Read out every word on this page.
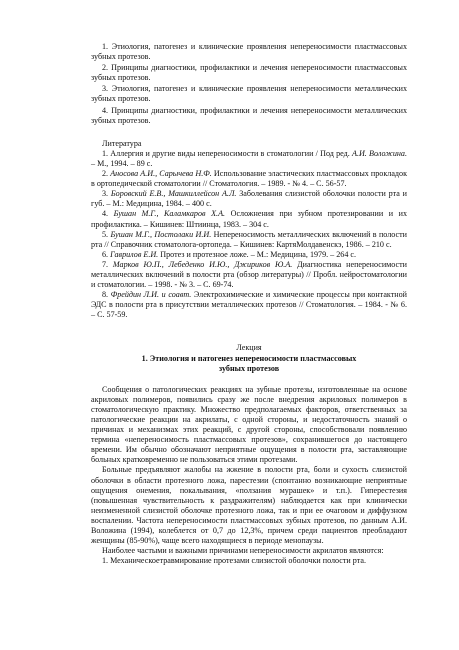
1. Этиология, патогенез и клинические проявления непереносимости пластмассовых зубных протезов.

2. Принципы диагностики, профилактики и лечения непереносимости пластмассовых зубных протезов.

3. Этиология, патогенез и клинические проявления непереносимости металлических зубных протезов.

4. Принципы диагностики, профилактики и лечения непереносимости металлических зубных протезов.

Литература

1. Аллергия и другие виды непереносимости в стоматологии / Под ред. А.И. Воложина. – М., 1994. – 89 с.

2. Аносова А.И., Сарычева Н.Ф. Использование эластических пластмассовых прокладок в ортопедической стоматологии // Стоматология. – 1989. - № 4. – С. 56-57.

3. Боровский Е.В., Машкиллейсон А.Л. Заболевания слизистой оболочки полости рта и губ. – М.: Медицина, 1984. – 400 с.

4. Бушан М.Г., Каламкаров Х.А. Осложнения при зубном протезировании и их профилактика. – Кишинев: Штиинца, 1983. – 304 с.

5. Бушан М.Г., Постолаки И.И. Непереносимость металлических включений в полости рта // Справочник стоматолога-ортопеда. – Кишинев: КартяМолдавенскэ, 1986. – 210 с.

6. Гаврилов Е.И. Протез и протезное ложе. – М.: Медицина, 1979. – 264 с.

7. Марков Ю.П., Лебеденко И.Ю., Джириков Ю.А. Диагностика непереносимости металлических включений в полости рта (обзор литературы) // Пробл. нейростоматологии и стоматологии. – 1998. - № 3. – С. 69-74.

8. Фрейдин Л.И. и соавт. Электрохимические и химические процессы при контактной ЭДС в полости рта в присутствии металлических протезов // Стоматология. – 1984. - № 6. – С. 57-59.

Лекция

1. Этиология и патогенез непереносимости пластмассовых
зубных протезов

Сообщения о патологических реакциях на зубные протезы, изготовленные на основе акриловых полимеров, появились сразу же после внедрения акриловых полимеров в стоматологическую практику. Множество предполагаемых факторов, ответственных за патологические реакции на акрилаты, с одной стороны, и недостаточность знаний о причинах и механизмах этих реакций, с другой стороны, способствовали появлению термина «непереносимость пластмассовых протезов», сохранившегося до настоящего времени. Им обычно обозначают неприятные ощущения в полости рта, заставляющие больных кратковременно не пользоваться этими протезами.

Больные предъявляют жалобы на жжение в полости рта, боли и сухость слизистой оболочки в области протезного ложа, парестезии (спонтанно возникающие неприятные ощущения онемения, покалывания, «ползания мурашек» и т.п.). Гиперестезия (повышенная чувствительность к раздражителям) наблюдается как при клинически неизмененной слизистой оболочке протезного ложа, так и при ее очаговом и диффузном воспалении. Частота непереносимости пластмассовых зубных протезов, по данным А.И. Воложина (1994), колеблется от 0,7 до 12,3%, причем среди пациентов преобладают женщины (85-90%), чаще всего находящиеся в периоде менопаузы.

Наиболее частыми и важными причинами непереносимости акрилатов являются:

1. Механическоетравмирование протезами слизистой оболочки полости рта.
